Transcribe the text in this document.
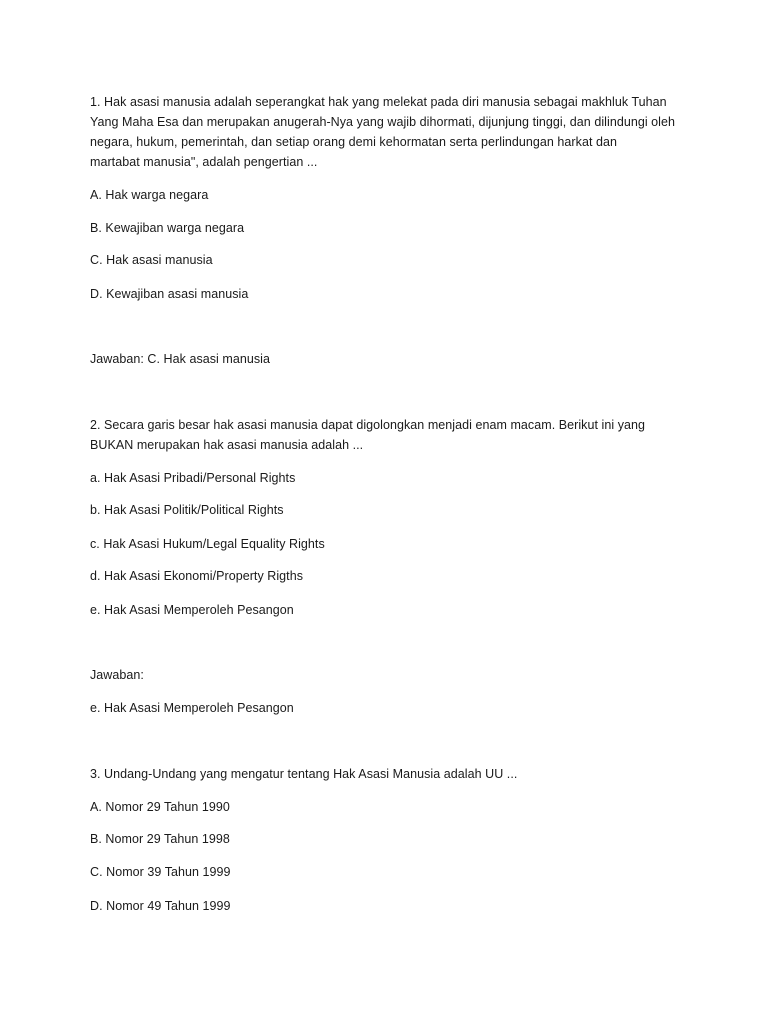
1. Hak asasi manusia adalah seperangkat hak yang melekat pada diri manusia sebagai makhluk Tuhan
Yang Maha Esa dan merupakan anugerah-Nya yang wajib dihormati, dijunjung tinggi, dan dilindungi oleh
negara, hukum, pemerintah, dan setiap orang demi kehormatan serta perlindungan harkat dan
martabat manusia", adalah pengertian ...
A. Hak warga negara
B. Kewajiban warga negara
C. Hak asasi manusia
D. Kewajiban asasi manusia
Jawaban: C. Hak asasi manusia
2. Secara garis besar hak asasi manusia dapat digolongkan menjadi enam macam. Berikut ini yang
BUKAN merupakan hak asasi manusia adalah ...
a. Hak Asasi Pribadi/Personal Rights
b. Hak Asasi Politik/Political Rights
c. Hak Asasi Hukum/Legal Equality Rights
d. Hak Asasi Ekonomi/Property Rigths
e. Hak Asasi Memperoleh Pesangon
Jawaban:
e. Hak Asasi Memperoleh Pesangon
3. Undang-Undang yang mengatur tentang Hak Asasi Manusia adalah UU ...
A. Nomor 29 Tahun 1990
B. Nomor 29 Tahun 1998
C. Nomor 39 Tahun 1999
D. Nomor 49 Tahun 1999
